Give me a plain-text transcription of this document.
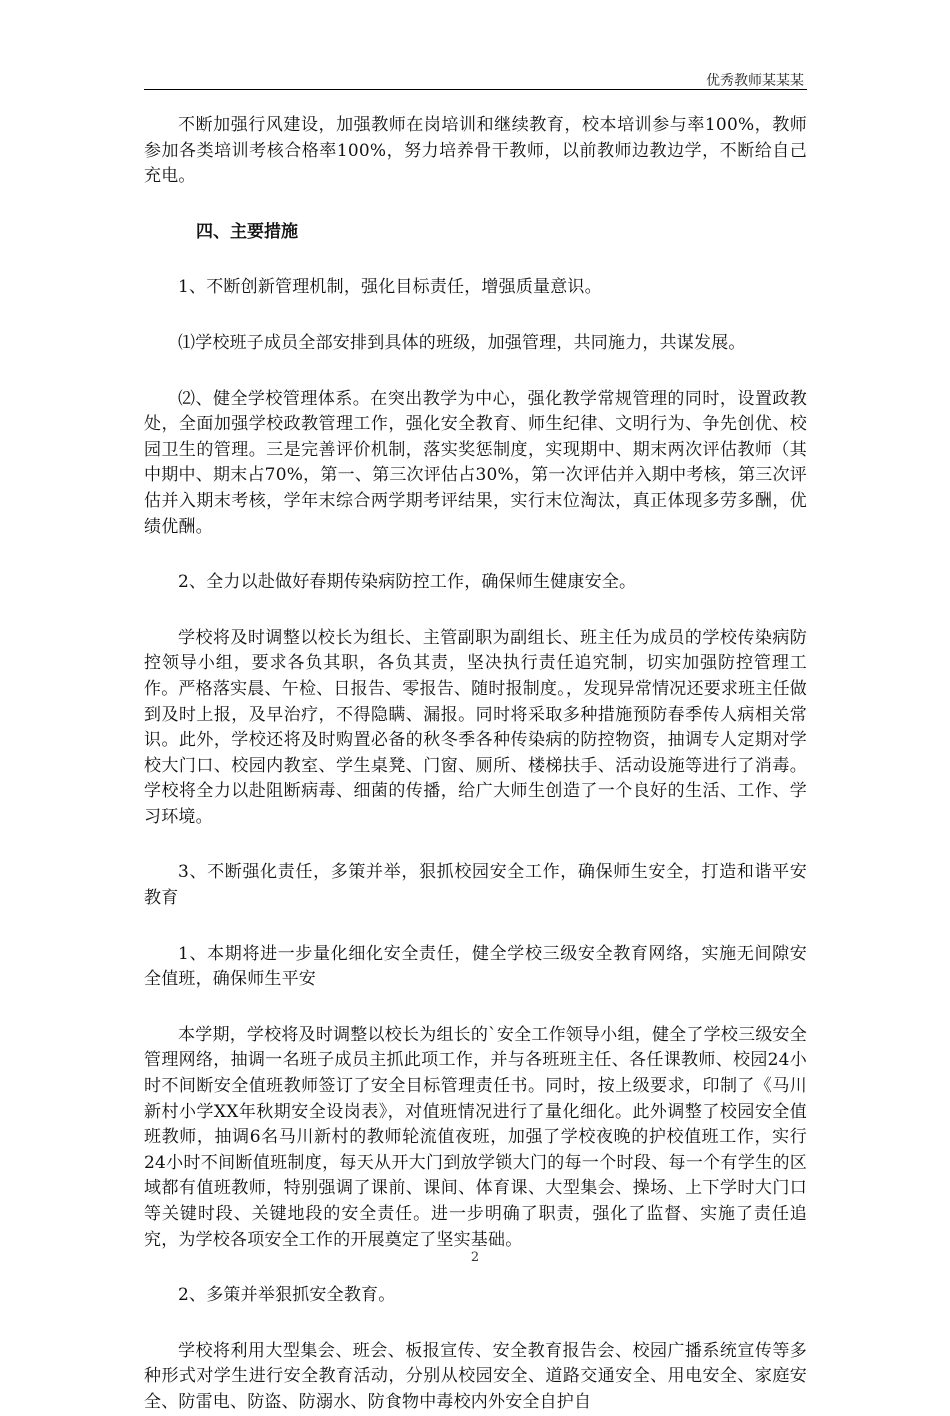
优秀教师某某某

不断加强行风建设，加强教师在岗培训和继续教育，校本培训参与率100%，教师参加各类培训考核合格率100%，努力培养骨干教师，以前教师边教边学，不断给自己充电。

四、主要措施

1、不断创新管理机制，强化目标责任，增强质量意识。

⑴学校班子成员全部安排到具体的班级，加强管理，共同施力，共谋发展。

⑵、健全学校管理体系。在突出教学为中心，强化教学常规管理的同时，设置政教处，全面加强学校政教管理工作，强化安全教育、师生纪律、文明行为、争先创优、校园卫生的管理。三是完善评价机制，落实奖惩制度，实现期中、期末两次评估教师（其中期中、期末占70%，第一、第三次评估占30%，第一次评估并入期中考核，第三次评估并入期末考核，学年末综合两学期考评结果，实行末位淘汰，真正体现多劳多酬，优绩优酬。

2、全力以赴做好春期传染病防控工作，确保师生健康安全。

学校将及时调整以校长为组长、主管副职为副组长、班主任为成员的学校传染病防控领导小组，要求各负其职，各负其责，坚决执行责任追究制，切实加强防控管理工作。严格落实晨、午检、日报告、零报告、随时报制度。，发现异常情况还要求班主任做到及时上报，及早治疗，不得隐瞒、漏报。同时将采取多种措施预防春季传人病相关常识。此外，学校还将及时购置必备的秋冬季各种传染病的防控物资，抽调专人定期对学校大门口、校园内教室、学生桌凳、门窗、厕所、楼梯扶手、活动设施等进行了消毒。学校将全力以赴阻断病毒、细菌的传播，给广大师生创造了一个良好的生活、工作、学习环境。

3、不断强化责任，多策并举，狠抓校园安全工作，确保师生安全，打造和谐平安教育

1、本期将进一步量化细化安全责任，健全学校三级安全教育网络，实施无间隙安全值班，确保师生平安

本学期，学校将及时调整以校长为组长的`安全工作领导小组，健全了学校三级安全管理网络，抽调一名班子成员主抓此项工作，并与各班班主任、各任课教师、校园24小时不间断安全值班教师签订了安全目标管理责任书。同时，按上级要求，印制了《马川新村小学XX年秋期安全设岗表》，对值班情况进行了量化细化。此外调整了校园安全值班教师，抽调6名马川新村的教师轮流值夜班，加强了学校夜晚的护校值班工作，实行24小时不间断值班制度，每天从开大门到放学锁大门的每一个时段、每一个有学生的区域都有值班教师，特别强调了课前、课间、体育课、大型集会、操场、上下学时大门口等关键时段、关键地段的安全责任。进一步明确了职责，强化了监督、实施了责任追究，为学校各项安全工作的开展奠定了坚实基础。

2、多策并举狠抓安全教育。

学校将利用大型集会、班会、板报宣传、安全教育报告会、校园广播系统宣传等多种形式对学生进行安全教育活动，分别从校园安全、道路交通安全、用电安全、家庭安全、防雷电、防盗、防溺水、防食物中毒校内外安全自护自

2
